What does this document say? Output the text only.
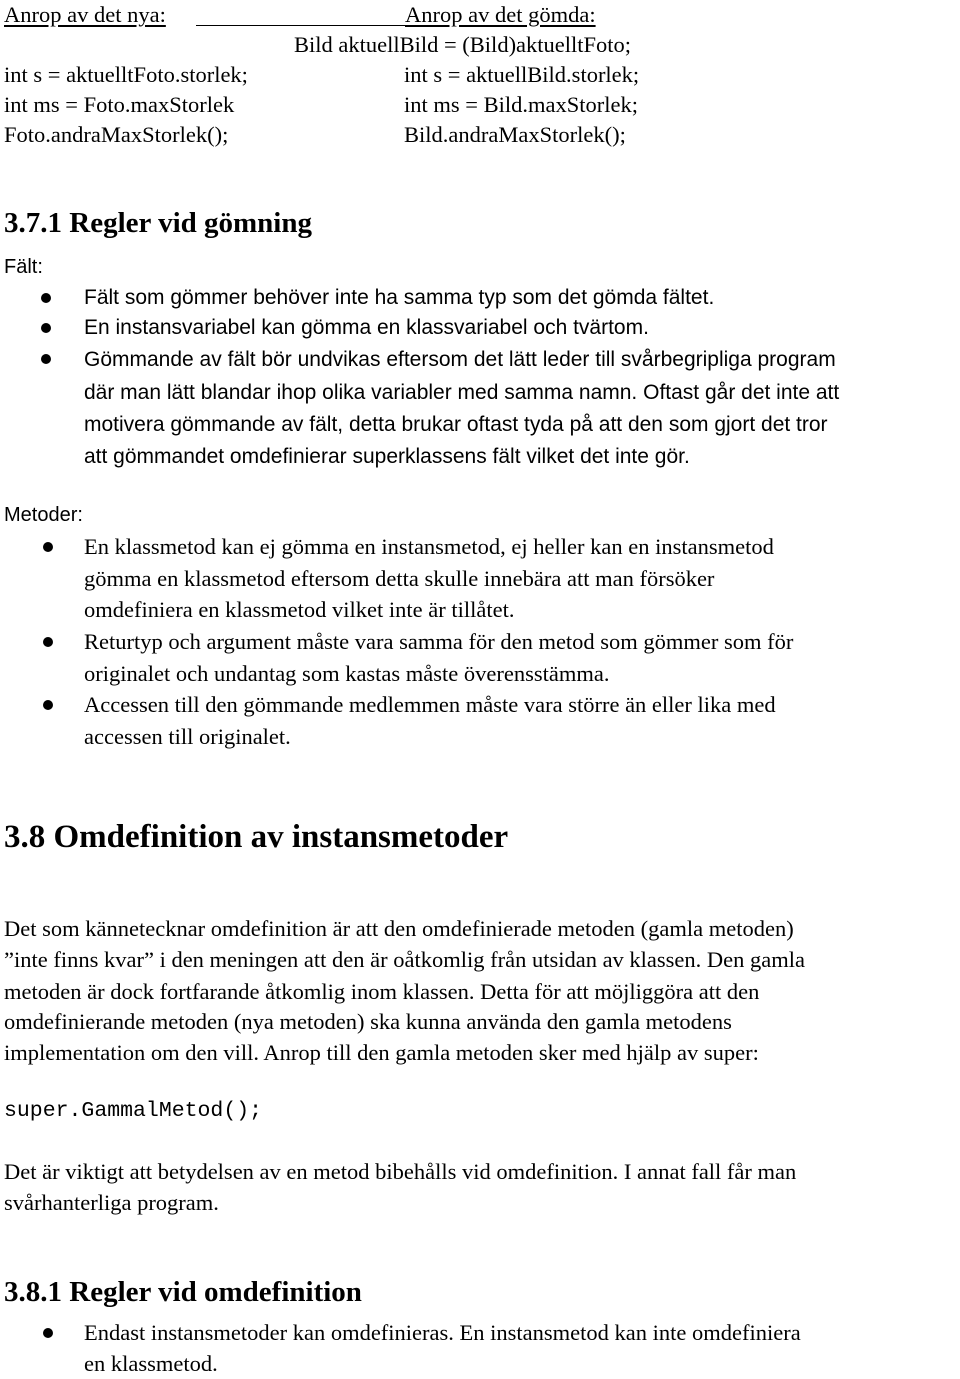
Anrop av det nya:	Anrop av det gömda:
Bild aktuellBild = (Bild)aktuelltFoto;
int s = aktuelltFoto.storlek;
int ms = Foto.maxStorlek
Foto.andraMaxStorlek();
int s = aktuellBild.storlek;
int ms = Bild.maxStorlek;
Bild.andraMaxStorlek();
3.7.1 Regler vid gömning
Fält:
Fält som gömmer behöver inte ha samma typ som det gömda fältet.
En instansvariabel kan gömma en klassvariabel och tvärtom.
Gömmande av fält bör undvikas eftersom det lätt leder till svårbegripliga program
där man lätt blandar ihop olika variabler med samma namn. Oftast går det inte att
motivera gömmande av fält, detta brukar oftast tyda på att den som gjort det tror
att gömmandet omdefinierar superklassens fält vilket det inte gör.
Metoder:
En klassmetod kan ej gömma en instansmetod, ej heller kan en instansmetod
gömma en klassmetod eftersom detta skulle innebära att man försöker
omdefiniera en klassmetod vilket inte är tillåtet.
Returtyp och argument måste vara samma för den metod som gömmer som för
originalet och undantag som kastas måste överensstämma.
Accessen till den gömmande medlemmen måste vara större än eller lika med
accessen till originalet.
3.8 Omdefinition av instansmetoder
Det som kännetecknar omdefinition är att den omdefinierade metoden (gamla metoden)
”inte finns kvar” i den meningen att den är oåtkomlig från utsidan av klassen. Den gamla
metoden är dock fortfarande åtkomlig inom klassen. Detta för att möjliggöra att den
omdefinierande metoden (nya metoden) ska kunna använda den gamla metodens
implementation om den vill. Anrop till den gamla metoden sker med hjälp av super:
super.GammalMetod();
Det är viktigt att betydelsen av en metod bibehålls vid omdefinition. I annat fall får man
svårhanterliga program.
3.8.1 Regler vid omdefinition
Endast instansmetoder kan omdefinieras. En instansmetod kan inte omdefiniera
en klassmetod.
